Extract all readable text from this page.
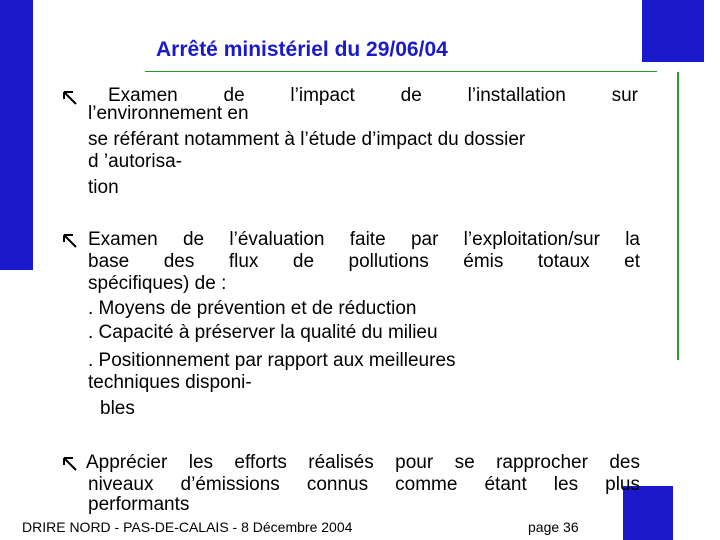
Arrêté ministériel du 29/06/04
Examen de l’impact de l’installation sur
l’environnement en
se référant notamment à l’étude d’impact du dossier
d ’autorisa-
tion
Examen de l’évaluation faite par l’exploitation/sur la
base des flux de pollutions émis totaux et
spécifiques) de :
. Moyens de prévention et de réduction
. Capacité à préserver la qualité du milieu
. Positionnement par rapport aux meilleures
techniques disponi-
bles
Apprécier les efforts réalisés pour se rapprocher des
niveaux d’émissions connus comme étant les plus
performants
DRIRE NORD - PAS-DE-CALAIS - 8 Décembre 2004	page 36
